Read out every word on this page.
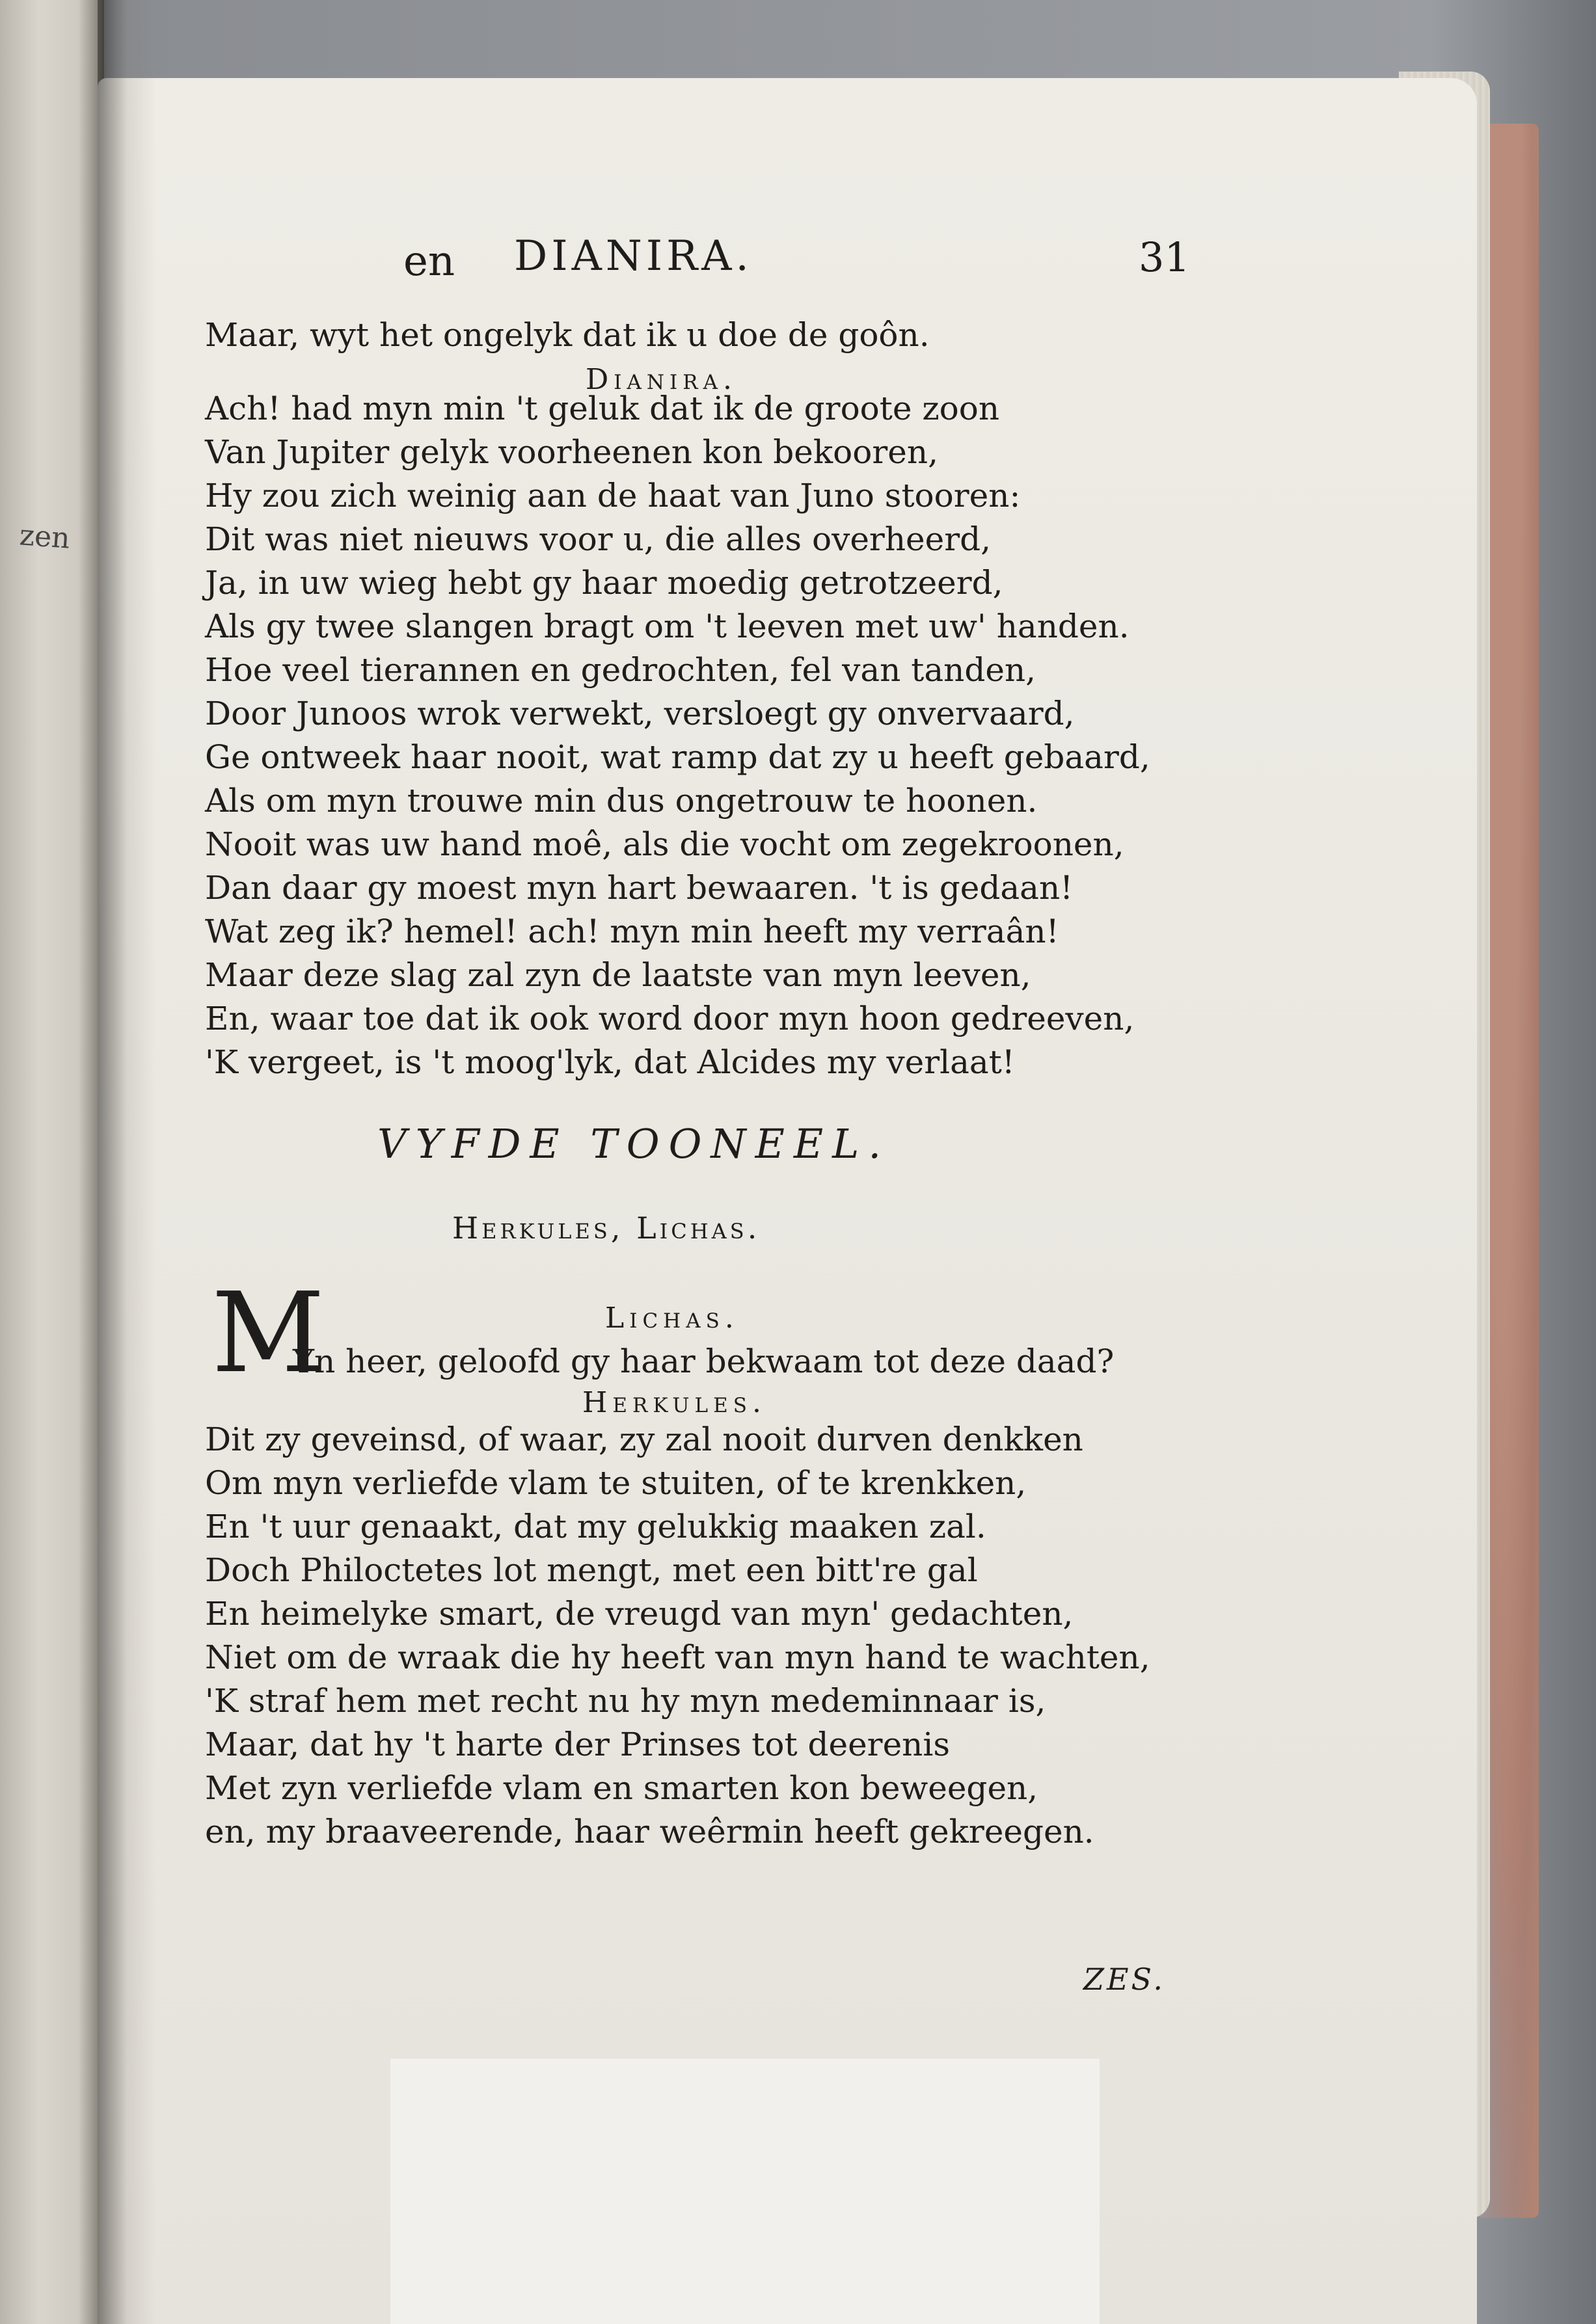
zen
en DIANIRA.	31
Maar, wyt het ongelyk dat ik u doe de goôn.
Dianira.
Ach! had myn min 't geluk dat ik de groote zoon
Van Jupiter gelyk voorheenen kon bekooren,
Hy zou zich weinig aan de haat van Juno stooren:
Dit was niet nieuws voor u, die alles overheerd,
Ja, in uw wieg hebt gy haar moedig getrotzeerd,
Als gy twee slangen bragt om 't leeven met uw' handen.
Hoe veel tierannen en gedrochten, fel van tanden,
Door Junoos wrok verwekt, versloegt gy onvervaard,
Ge ontweek haar nooit, wat ramp dat zy u heeft gebaard,
Als om myn trouwe min dus ongetrouw te hoonen.
Nooit was uw hand moê, als die vocht om zegekroonen,
Dan daar gy moest myn hart bewaaren. 't is gedaan!
Wat zeg ik? hemel! ach! myn min heeft my verraân!
Maar deze slag zal zyn de laatste van myn leeven,
En, waar toe dat ik ook word door myn hoon gedreeven,
'K vergeet, is 't moog'lyk, dat Alcides my verlaat!
VYFDE TOONEEL.
Herkules, Lichas.
M	Lichas.
Yn heer, geloofd gy haar bekwaam tot deze daad?
Herkules.
Dit zy geveinsd, of waar, zy zal nooit durven denkken
Om myn verliefde vlam te stuiten, of te krenkken,
En 't uur genaakt, dat my gelukkig maaken zal.
Doch Philoctetes lot mengt, met een bitt're gal
En heimelyke smart, de vreugd van myn' gedachten,
Niet om de wraak die hy heeft van myn hand te wachten,
'K straf hem met recht nu hy myn medeminnaar is,
Maar, dat hy 't harte der Prinses tot deerenis
Met zyn verliefde vlam en smarten kon beweegen,
en, my braaveerende, haar weêrmin heeft gekreegen.
ZES.
